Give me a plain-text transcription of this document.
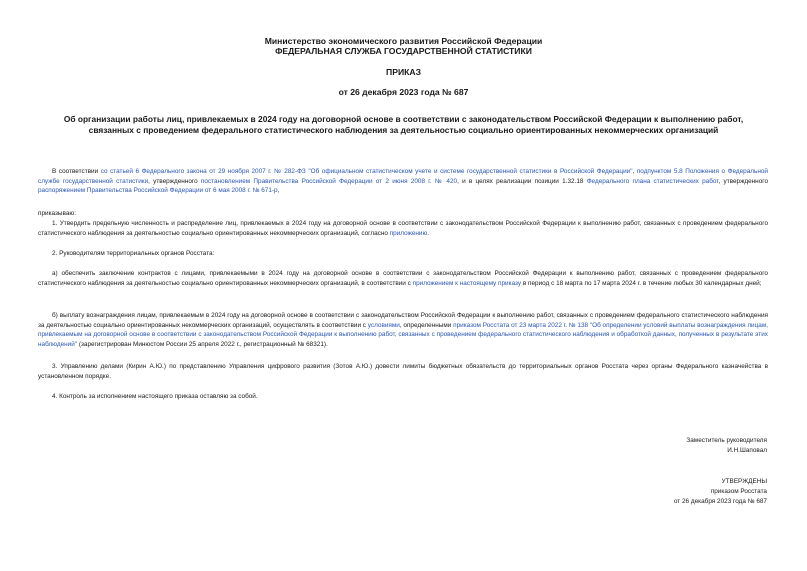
Министерство экономического развития Российской Федерации
ФЕДЕРАЛЬНАЯ СЛУЖБА ГОСУДАРСТВЕННОЙ СТАТИСТИКИ
ПРИКАЗ
от 26 декабря 2023 года № 687
Об организации работы лиц, привлекаемых в 2024 году на договорной основе в соответствии с законодательством Российской Федерации к выполнению работ,
связанных с проведением федерального статистического наблюдения за деятельностью социально ориентированных некоммерческих организаций
В соответствии со статьей 6 Федерального закона от 29 ноября 2007 г. № 282-ФЗ "Об официальном статистическом учете и системе государственной статистики в Российской Федерации", подпунктом 5.8 Положения о Федеральной службе государственной статистики, утвержденного постановлением Правительства Российской Федерации от 2 июня 2008 г. № 420, и в целях реализации позиции 1.32.18 Федерального плана статистических работ, утвержденного распоряжением Правительства Российской Федерации от 6 мая 2008 г. № 671-р,
приказываю:
1. Утвердить предельную численность и распределение лиц, привлекаемых в 2024 году на договорной основе в соответствии с законодательством Российской Федерации к выполнению работ, связанных с проведением федерального статистического наблюдения за деятельностью социально ориентированных некоммерческих организаций, согласно приложению.
2. Руководителям территориальных органов Росстата:
а) обеспечить заключение контрактов с лицами, привлекаемыми в 2024 году на договорной основе в соответствии с законодательством Российской Федерации к выполнению работ, связанных с проведением федерального статистического наблюдения за деятельностью социально ориентированных некоммерческих организаций, в соответствии с приложением к настоящему приказу в период с 18 марта по 17 марта 2024 г. в течение любых 30 календарных дней;
б) выплату вознаграждения лицам, привлекаемым в 2024 году на договорной основе в соответствии с законодательством Российской Федерации к выполнению работ, связанных с проведением федерального статистического наблюдения за деятельностью социально ориентированных некоммерческих организаций, осуществлять в соответствии с условиями, определенными приказом Росстата от 23 марта 2022 г. № 138 "Об определении условий выплаты вознаграждения лицам, привлекаемым на договорной основе в соответствии с законодательством Российской Федерации к выполнению работ, связанных с проведением федерального статистического наблюдения и обработкой данных, полученных в результате этих наблюдений" (зарегистрирован Минюстом России 25 апреля 2022 г., регистрационный № 68321).
3. Управлению делами (Кирин А.Ю.) по представлению Управления цифрового развития (Зотов А.Ю.) довести лимиты бюджетных обязательств до территориальных органов Росстата через органы Федерального казначейства в установленном порядке.
4. Контроль за исполнением настоящего приказа оставляю за собой.
Заместитель руководителя
И.Н.Шаповал
УТВЕРЖДЕНЫ
приказом Росстата
от 26 декабря 2023 года № 687
